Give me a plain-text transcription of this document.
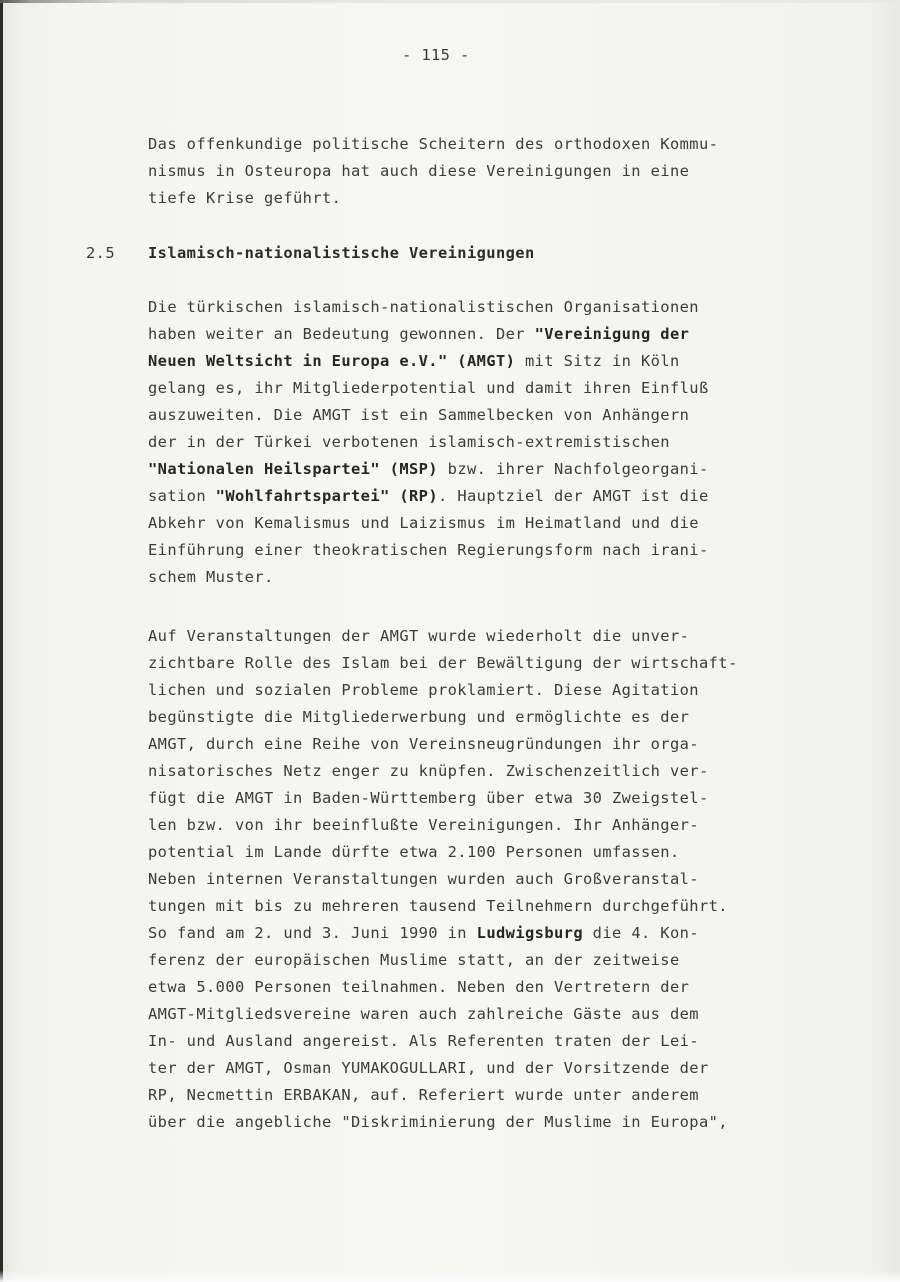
- 115 -
Das offenkundige politische Scheitern des orthodoxen Kommu-
nismus in Osteuropa hat auch diese Vereinigungen in eine
tiefe Krise geführt.
2.5 Islamisch-nationalistische Vereinigungen
Die türkischen islamisch-nationalistischen Organisationen
haben weiter an Bedeutung gewonnen. Der "Vereinigung der
Neuen Weltsicht in Europa e.V." (AMGT) mit Sitz in Köln
gelang es, ihr Mitgliederpotential und damit ihren Einfluß
auszuweiten. Die AMGT ist ein Sammelbecken von Anhängern
der in der Türkei verbotenen islamisch-extremistischen
"Nationalen Heilspartei" (MSP) bzw. ihrer Nachfolgeorgani-
sation "Wohlfahrtspartei" (RP). Hauptziel der AMGT ist die
Abkehr von Kemalismus und Laizismus im Heimatland und die
Einführung einer theokratischen Regierungsform nach irani-
schem Muster.
Auf Veranstaltungen der AMGT wurde wiederholt die unver-
zichtbare Rolle des Islam bei der Bewältigung der wirtschaft-
lichen und sozialen Probleme proklamiert. Diese Agitation
begünstigte die Mitgliederwerbung und ermöglichte es der
AMGT, durch eine Reihe von Vereinsneugründungen ihr orga-
nisatorisches Netz enger zu knüpfen. Zwischenzeitlich ver-
fügt die AMGT in Baden-Württemberg über etwa 30 Zweigstel-
len bzw. von ihr beeinflußte Vereinigungen. Ihr Anhänger-
potential im Lande dürfte etwa 2.100 Personen umfassen.
Neben internen Veranstaltungen wurden auch Großveranstal-
tungen mit bis zu mehreren tausend Teilnehmern durchgeführt.
So fand am 2. und 3. Juni 1990 in Ludwigsburg die 4. Kon-
ferenz der europäischen Muslime statt, an der zeitweise
etwa 5.000 Personen teilnahmen. Neben den Vertretern der
AMGT-Mitgliedsvereine waren auch zahlreiche Gäste aus dem
In- und Ausland angereist. Als Referenten traten der Lei-
ter der AMGT, Osman YUMAKOGULLARI, und der Vorsitzende der
RP, Necmettin ERBAKAN, auf. Referiert wurde unter anderem
über die angebliche "Diskriminierung der Muslime in Europa",
